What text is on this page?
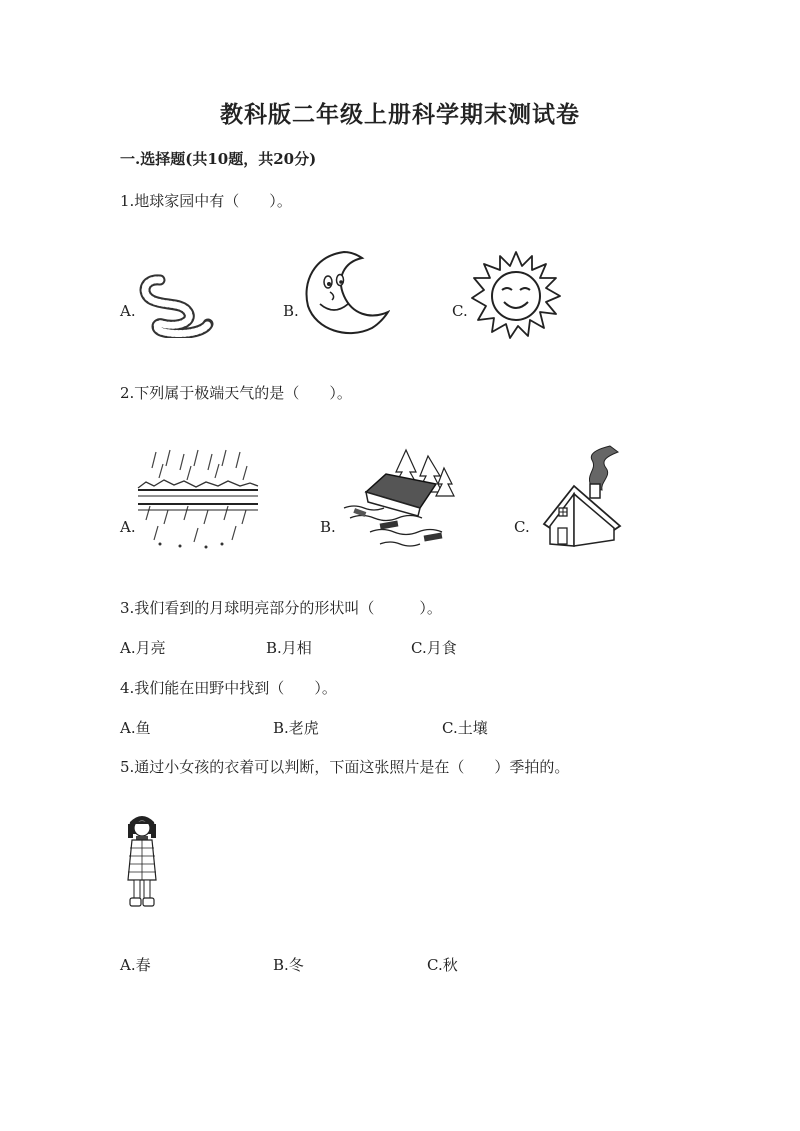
教科版二年级上册科学期末测试卷
一.选择题(共10题，共20分)
1.地球家园中有（　　）。
A.	B.	C.
2.下列属于极端天气的是（　　）。
A.	B.	C.
3.我们看到的月球明亮部分的形状叫（　　　）。
A.月亮	B.月相	C.月食
4.我们能在田野中找到（　　）。
A.鱼	B.老虎	C.土壤
5.通过小女孩的衣着可以判断，下面这张照片是在（　　）季拍的。
A.春	B.冬	C.秋
